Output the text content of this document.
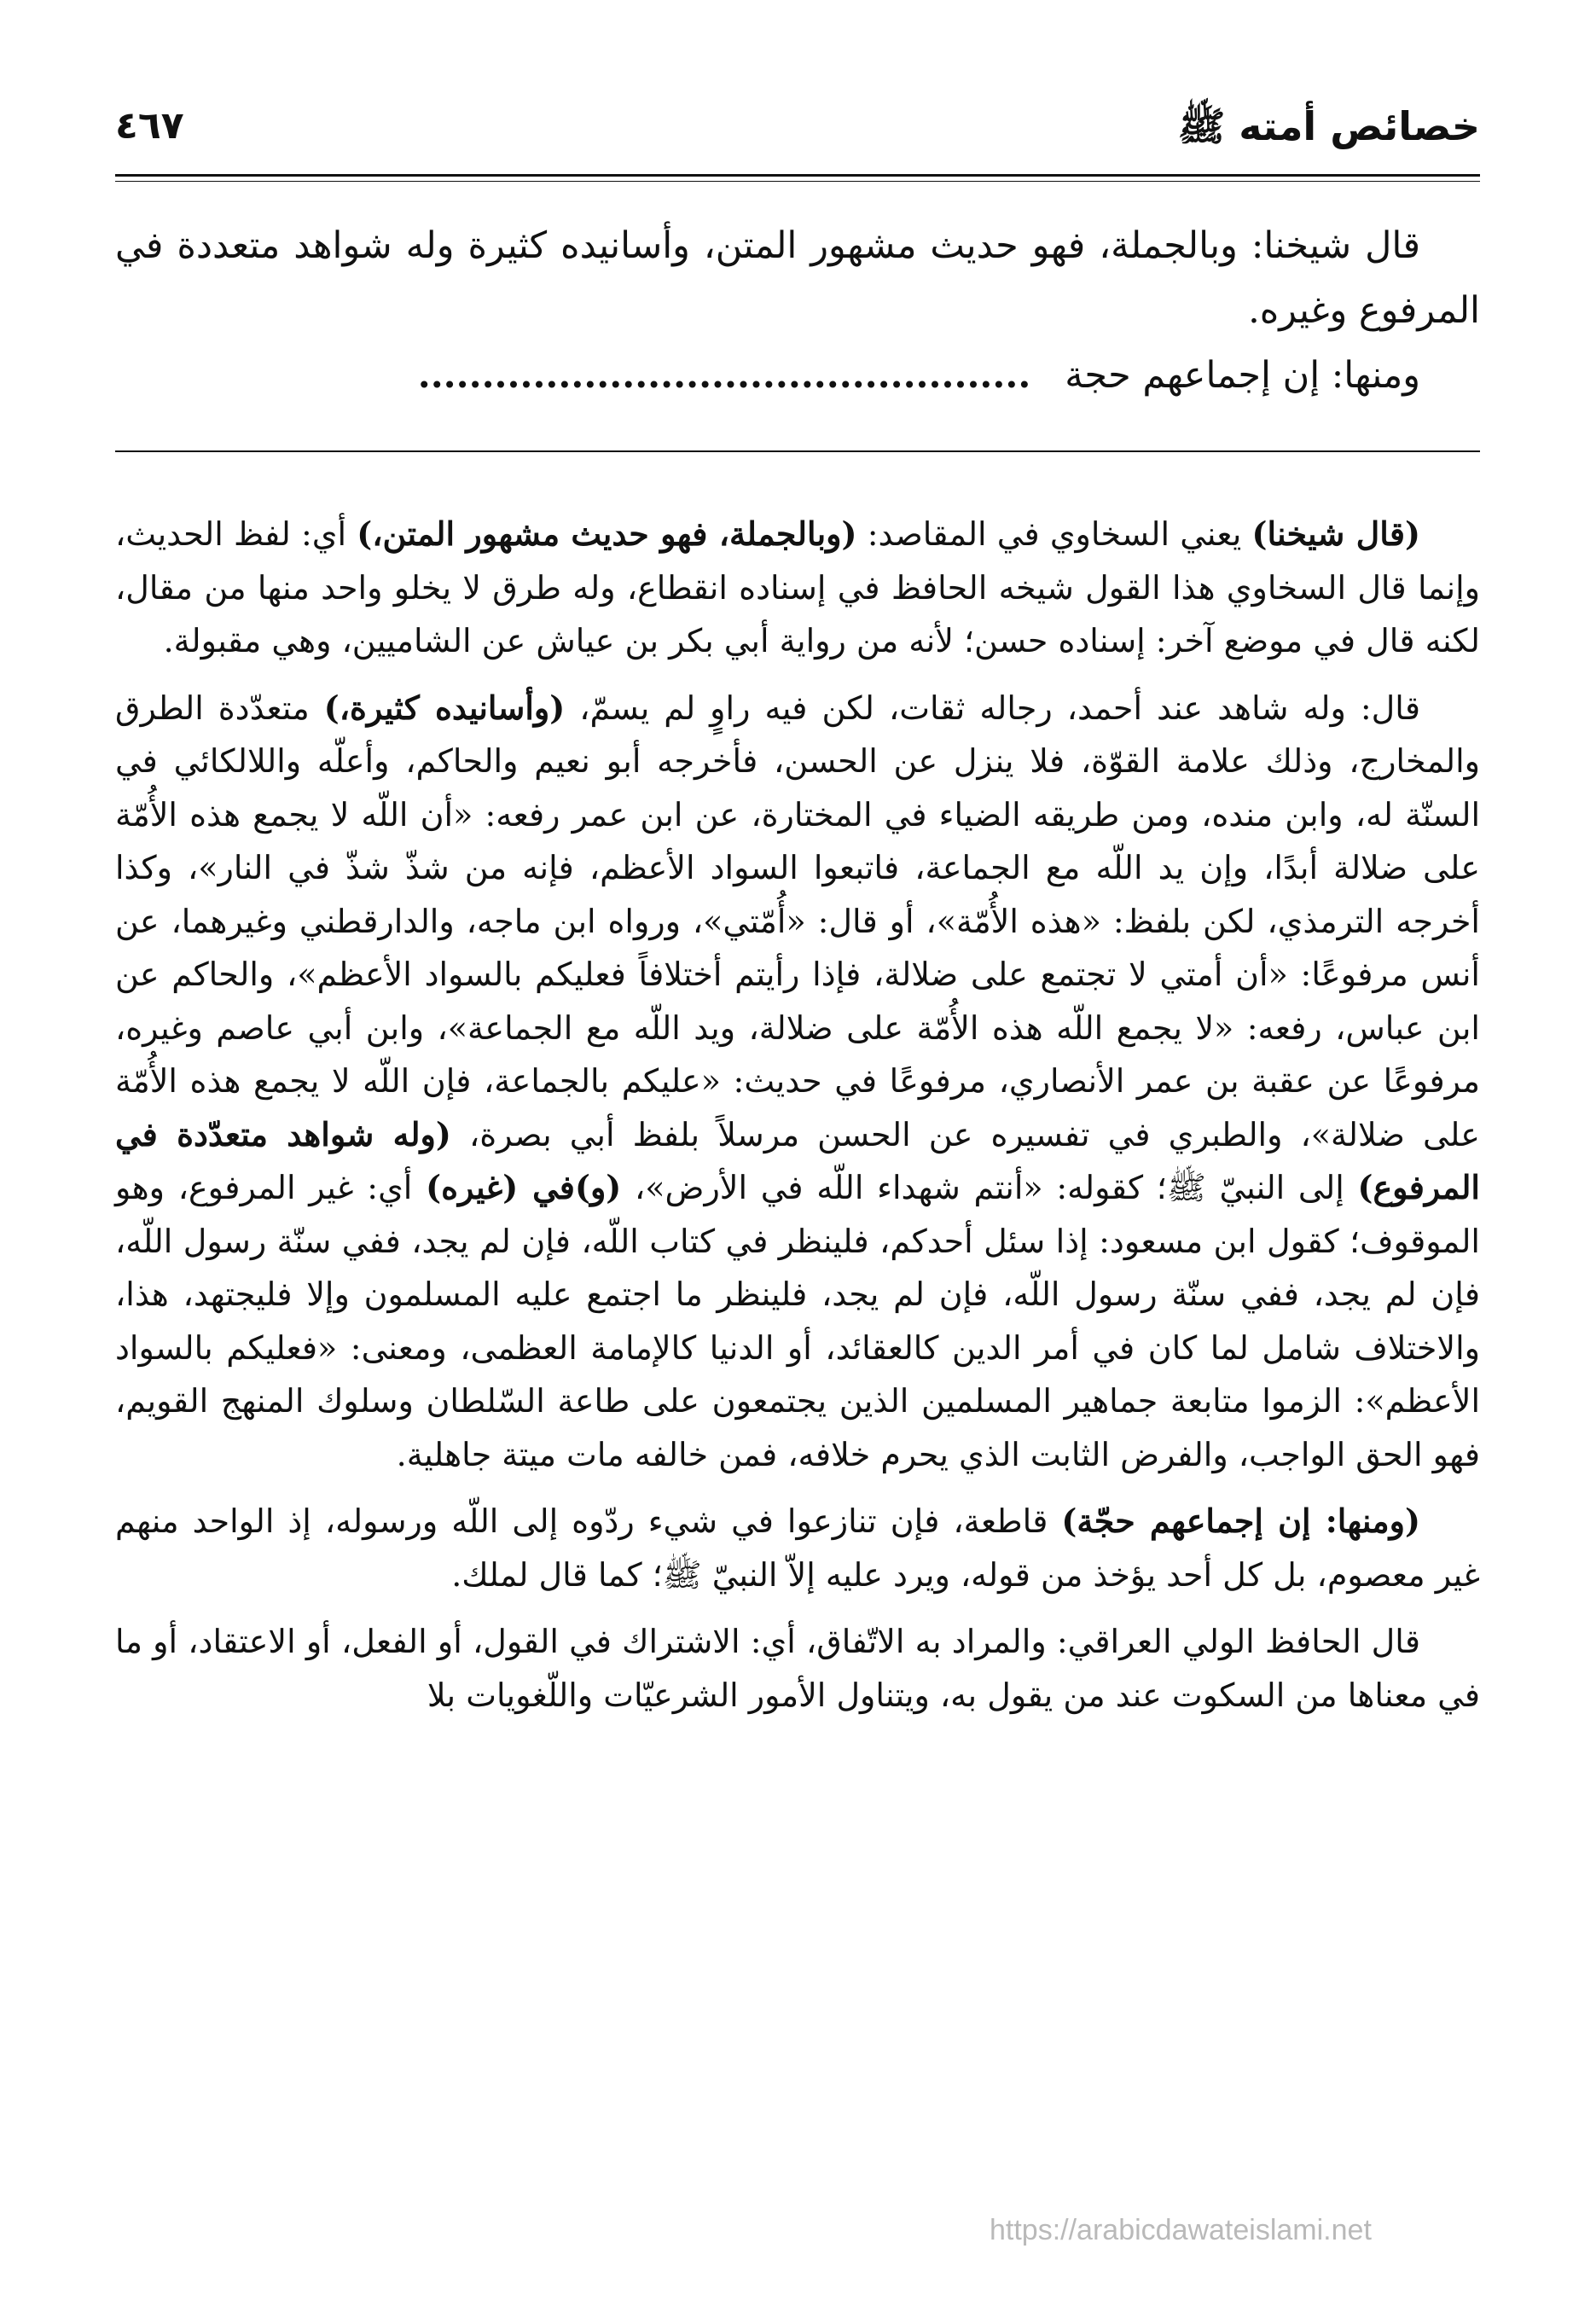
خصائص أمته ﷺ
٤٦٧

قال شيخنا: وبالجملة، فهو حديث مشهور المتن، وأسانيده كثيرة وله شواهد متعددة في المرفوع وغيره.

ومنها: إن إجماعهم حجة................................................

(قال شيخنا) يعني السخاوي في المقاصد: (وبالجملة، فهو حديث مشهور المتن،) أي: لفظ الحديث، وإنما قال السخاوي هذا القول شيخه الحافظ في إسناده انقطاع، وله طرق لا يخلو واحد منها من مقال، لكنه قال في موضع آخر: إسناده حسن؛ لأنه من رواية أبي بكر بن عياش عن الشاميين، وهي مقبولة.

قال: وله شاهد عند أحمد، رجاله ثقات، لكن فيه راوٍ لم يسمّ، (وأسانيده كثيرة،) متعدّدة الطرق والمخارج، وذلك علامة القوّة، فلا ينزل عن الحسن، فأخرجه أبو نعيم والحاكم، وأعلّه واللالكائي في السنّة له، وابن منده، ومن طريقه الضياء في المختارة، عن ابن عمر رفعه: «أن اللّه لا يجمع هذه الأُمّة على ضلالة أبدًا، وإن يد اللّه مع الجماعة، فاتبعوا السواد الأعظم، فإنه من شذّ شذّ في النار»، وكذا أخرجه الترمذي، لكن بلفظ: «هذه الأُمّة»، أو قال: «أُمّتي»، ورواه ابن ماجه، والدارقطني وغيرهما، عن أنس مرفوعًا: «أن أمتي لا تجتمع على ضلالة، فإذا رأيتم أختلافاً فعليكم بالسواد الأعظم»، والحاكم عن ابن عباس، رفعه: «لا يجمع اللّه هذه الأُمّة على ضلالة، ويد اللّه مع الجماعة»، وابن أبي عاصم وغيره، مرفوعًا عن عقبة بن عمر الأنصاري، مرفوعًا في حديث: «عليكم بالجماعة، فإن اللّه لا يجمع هذه الأُمّة على ضلالة»، والطبري في تفسيره عن الحسن مرسلاً بلفظ أبي بصرة، (وله شواهد متعدّدة في المرفوع) إلى النبيّ ﷺ؛ كقوله: «أنتم شهداء اللّه في الأرض»، (و)في (غيره) أي: غير المرفوع، وهو الموقوف؛ كقول ابن مسعود: إذا سئل أحدكم، فلينظر في كتاب اللّه، فإن لم يجد، ففي سنّة رسول اللّه، فإن لم يجد، ففي سنّة رسول اللّه، فإن لم يجد، فلينظر ما اجتمع عليه المسلمون وإلا فليجتهد، هذا، والاختلاف شامل لما كان في أمر الدين كالعقائد، أو الدنيا كالإمامة العظمى، ومعنى: «فعليكم بالسواد الأعظم»: الزموا متابعة جماهير المسلمين الذين يجتمعون على طاعة السّلطان وسلوك المنهج القويم، فهو الحق الواجب، والفرض الثابت الذي يحرم خلافه، فمن خالفه مات ميتة جاهلية.

(ومنها: إن إجماعهم حجّة) قاطعة، فإن تنازعوا في شيء ردّوه إلى اللّه ورسوله، إذ الواحد منهم غير معصوم، بل كل أحد يؤخذ من قوله، ويرد عليه إلاّ النبيّ ﷺ؛ كما قال لملك.

قال الحافظ الولي العراقي: والمراد به الاتّفاق، أي: الاشتراك في القول، أو الفعل، أو الاعتقاد، أو ما في معناها من السكوت عند من يقول به، ويتناول الأمور الشرعيّات واللّغويات بلا

https://arabicdawateislami.net
